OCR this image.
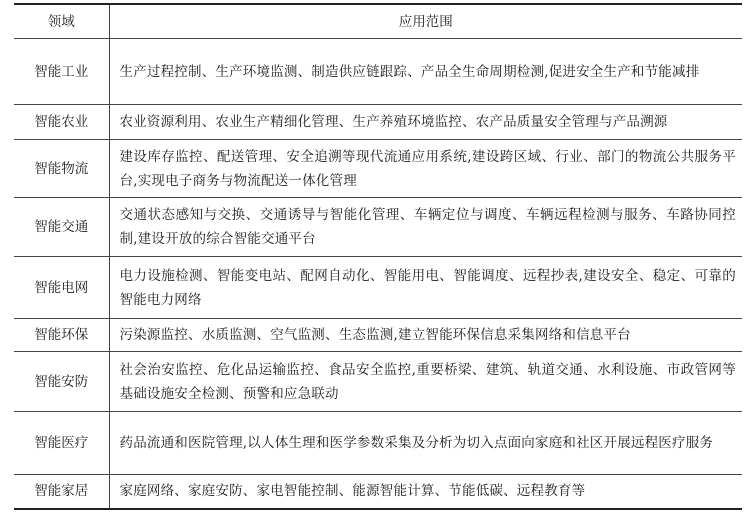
领域	应用范围
智能工业	生产过程控制、生产环境监测、制造供应链跟踪、产品全生命周期检测,促进安全生产和节能减排
智能农业	农业资源利用、农业生产精细化管理、生产养殖环境监控、农产品质量安全管理与产品溯源
智能物流	建设库存监控、配送管理、安全追溯等现代流通应用系统,建设跨区域、行业、部门的物流公共服务平台,实现电子商务与物流配送一体化管理
智能交通	交通状态感知与交换、交通诱导与智能化管理、车辆定位与调度、车辆远程检测与服务、车路协同控制,建设开放的综合智能交通平台
智能电网	电力设施检测、智能变电站、配网自动化、智能用电、智能调度、远程抄表,建设安全、稳定、可靠的智能电力网络
智能环保	污染源监控、水质监测、空气监测、生态监测,建立智能环保信息采集网络和信息平台
智能安防	社会治安监控、危化品运输监控、食品安全监控,重要桥梁、建筑、轨道交通、水利设施、市政管网等基础设施安全检测、预警和应急联动
智能医疗	药品流通和医院管理,以人体生理和医学参数采集及分析为切入点面向家庭和社区开展远程医疗服务
智能家居	家庭网络、家庭安防、家电智能控制、能源智能计算、节能低碳、远程教育等
